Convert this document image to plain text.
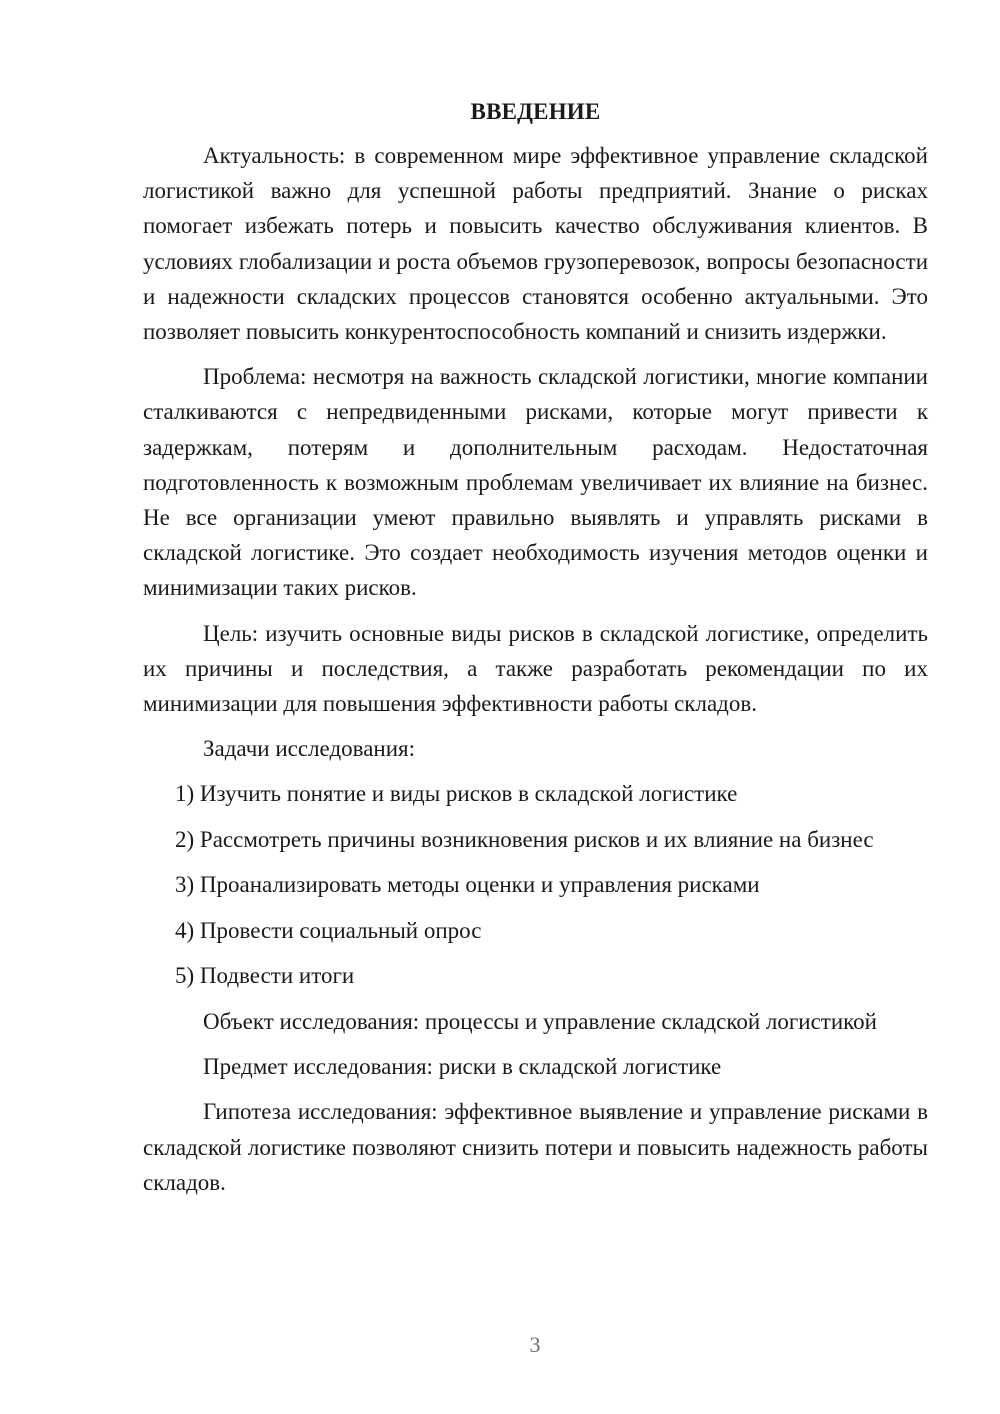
ВВЕДЕНИЕ

Актуальность: в современном мире эффективное управление складской логистикой важно для успешной работы предприятий. Знание о рисках помогает избежать потерь и повысить качество обслуживания клиентов. В условиях глобализации и роста объемов грузоперевозок, вопросы безопасности и надежности складских процессов становятся особенно актуальными. Это позволяет повысить конкурентоспособность компаний и снизить издержки.

Проблема: несмотря на важность складской логистики, многие компании сталкиваются с непредвиденными рисками, которые могут привести к задержкам, потерям и дополнительным расходам. Недостаточная подготовленность к возможным проблемам увеличивает их влияние на бизнес. Не все организации умеют правильно выявлять и управлять рисками в складской логистике. Это создает необходимость изучения методов оценки и минимизации таких рисков.

Цель: изучить основные виды рисков в складской логистике, определить их причины и последствия, а также разработать рекомендации по их минимизации для повышения эффективности работы складов.

Задачи исследования:

1) Изучить понятие и виды рисков в складской логистике

2) Рассмотреть причины возникновения рисков и их влияние на бизнес

3) Проанализировать методы оценки и управления рисками

4) Провести социальный опрос

5) Подвести итоги

Объект исследования: процессы и управление складской логистикой

Предмет исследования: риски в складской логистике

Гипотеза исследования: эффективное выявление и управление рисками в складской логистике позволяют снизить потери и повысить надежность работы складов.

3
